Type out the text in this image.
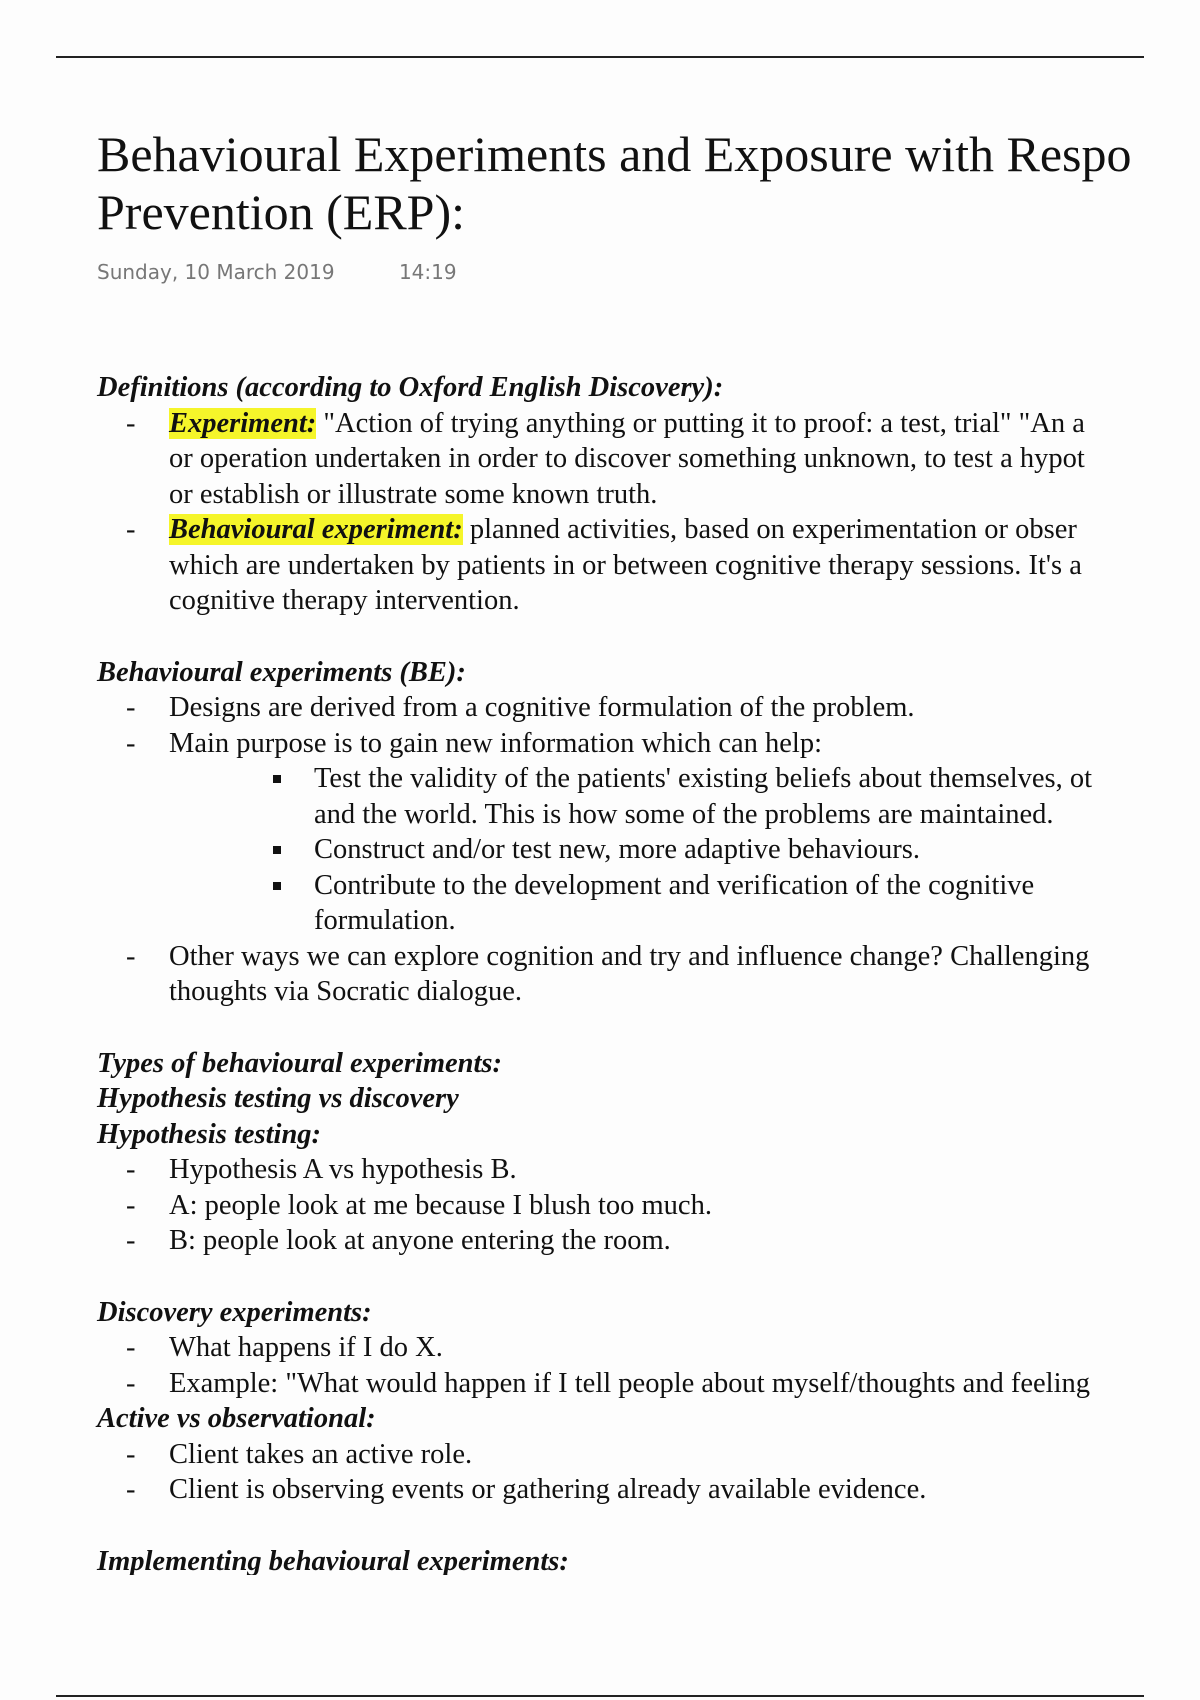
Behavioural Experiments and Exposure with Respo
Prevention (ERP):
Sunday, 10 March 2019	14:19
Definitions (according to Oxford English Discovery):
- Experiment: "Action of trying anything or putting it to proof: a test, trial" "An a
or operation undertaken in order to discover something unknown, to test a hypot
or establish or illustrate some known truth.
- Behavioural experiment: planned activities, based on experimentation or obser
which are undertaken by patients in or between cognitive therapy sessions. It's a
cognitive therapy intervention.
Behavioural experiments (BE):
- Designs are derived from a cognitive formulation of the problem.
- Main purpose is to gain new information which can help:
Test the validity of the patients' existing beliefs about themselves, ot
and the world. This is how some of the problems are maintained.
Construct and/or test new, more adaptive behaviours.
Contribute to the development and verification of the cognitive
formulation.
- Other ways we can explore cognition and try and influence change? Challenging
thoughts via Socratic dialogue.
Types of behavioural experiments:
Hypothesis testing vs discovery
Hypothesis testing:
- Hypothesis A vs hypothesis B.
- A: people look at me because I blush too much.
- B: people look at anyone entering the room.
Discovery experiments:
- What happens if I do X.
- Example: "What would happen if I tell people about myself/thoughts and feeling
Active vs observational:
- Client takes an active role.
- Client is observing events or gathering already available evidence.
Implementing behavioural experiments:
